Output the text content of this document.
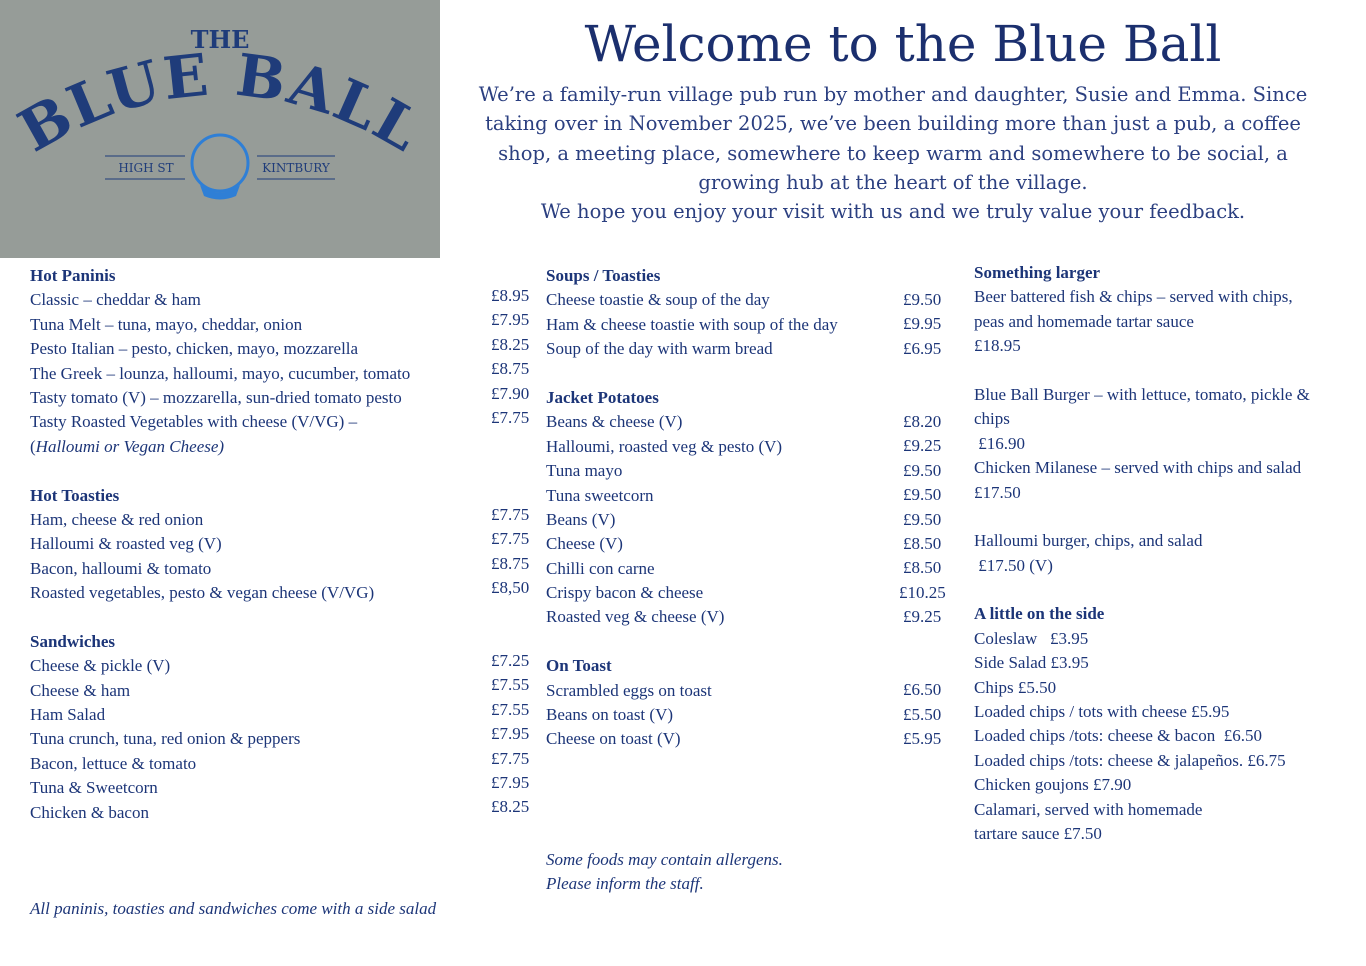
THE
BLUE BALL
HIGH ST	KINTBURY
Welcome to the Blue Ball

We’re a family-run village pub run by mother and daughter, Susie and Emma. Since taking over in November 2025, we’ve been building more than just a pub, a coffee shop, a meeting place, somewhere to keep warm and somewhere to be social, a growing hub at the heart of the village.

We hope you enjoy your visit with us and we truly value your feedback.

Hot Paninis
Classic – cheddar & ham
Tuna Melt – tuna, mayo, cheddar, onion
Pesto Italian – pesto, chicken, mayo, mozzarella
The Greek – lounza, halloumi, mayo, cucumber, tomato
Tasty tomato (V) – mozzarella, sun-dried tomato pesto
Tasty Roasted Vegetables with cheese (V/VG) –
(Halloumi or Vegan Cheese)
Hot Toasties
Ham, cheese & red onion
Halloumi & roasted veg (V)
Bacon, halloumi & tomato
Roasted vegetables, pesto & vegan cheese (V/VG)
Sandwiches
Cheese & pickle (V)
Cheese & ham
Ham Salad
Tuna crunch, tuna, red onion & peppers
Bacon, lettuce & tomato
Tuna & Sweetcorn
Chicken & bacon
£8.95
£7.95
£8.25
£8.75
£7.90
£7.75
£7.75
£7.75
£8.75
£8,50
£7.25
£7.55
£7.55
£7.95
£7.75
£7.95
£8.25
All paninis, toasties and sandwiches come with a side salad
Soups / Toasties
Cheese toastie & soup of the day
Ham & cheese toastie with soup of the day
Soup of the day with warm bread
Jacket Potatoes
Beans & cheese (V)
Halloumi, roasted veg & pesto (V)
Tuna mayo
Tuna sweetcorn
Beans (V)
Cheese (V)
Chilli con carne
Crispy bacon & cheese
Roasted veg & cheese (V)
On Toast
Scrambled eggs on toast
Beans on toast (V)
Cheese on toast (V)
£9.50
£9.95
£6.95
£8.20
£9.25
£9.50
£9.50
£9.50
£8.50
£8.50
£10.25
£9.25
£6.50
£5.50
£5.95
Some foods may contain allergens.
Please inform the staff.
Something larger
Beer battered fish & chips – served with chips,
peas and homemade tartar sauce
£18.95
Blue Ball Burger – with lettuce, tomato, pickle &
chips
£16.90
Chicken Milanese – served with chips and salad
£17.50
Halloumi burger, chips, and salad
£17.50 (V)
A little on the side
Coleslaw   £3.95
Side Salad £3.95
Chips £5.50
Loaded chips / tots with cheese £5.95
Loaded chips /tots: cheese & bacon  £6.50
Loaded chips /tots: cheese & jalapeños. £6.75
Chicken goujons £7.90
Calamari, served with homemade
tartare sauce £7.50
